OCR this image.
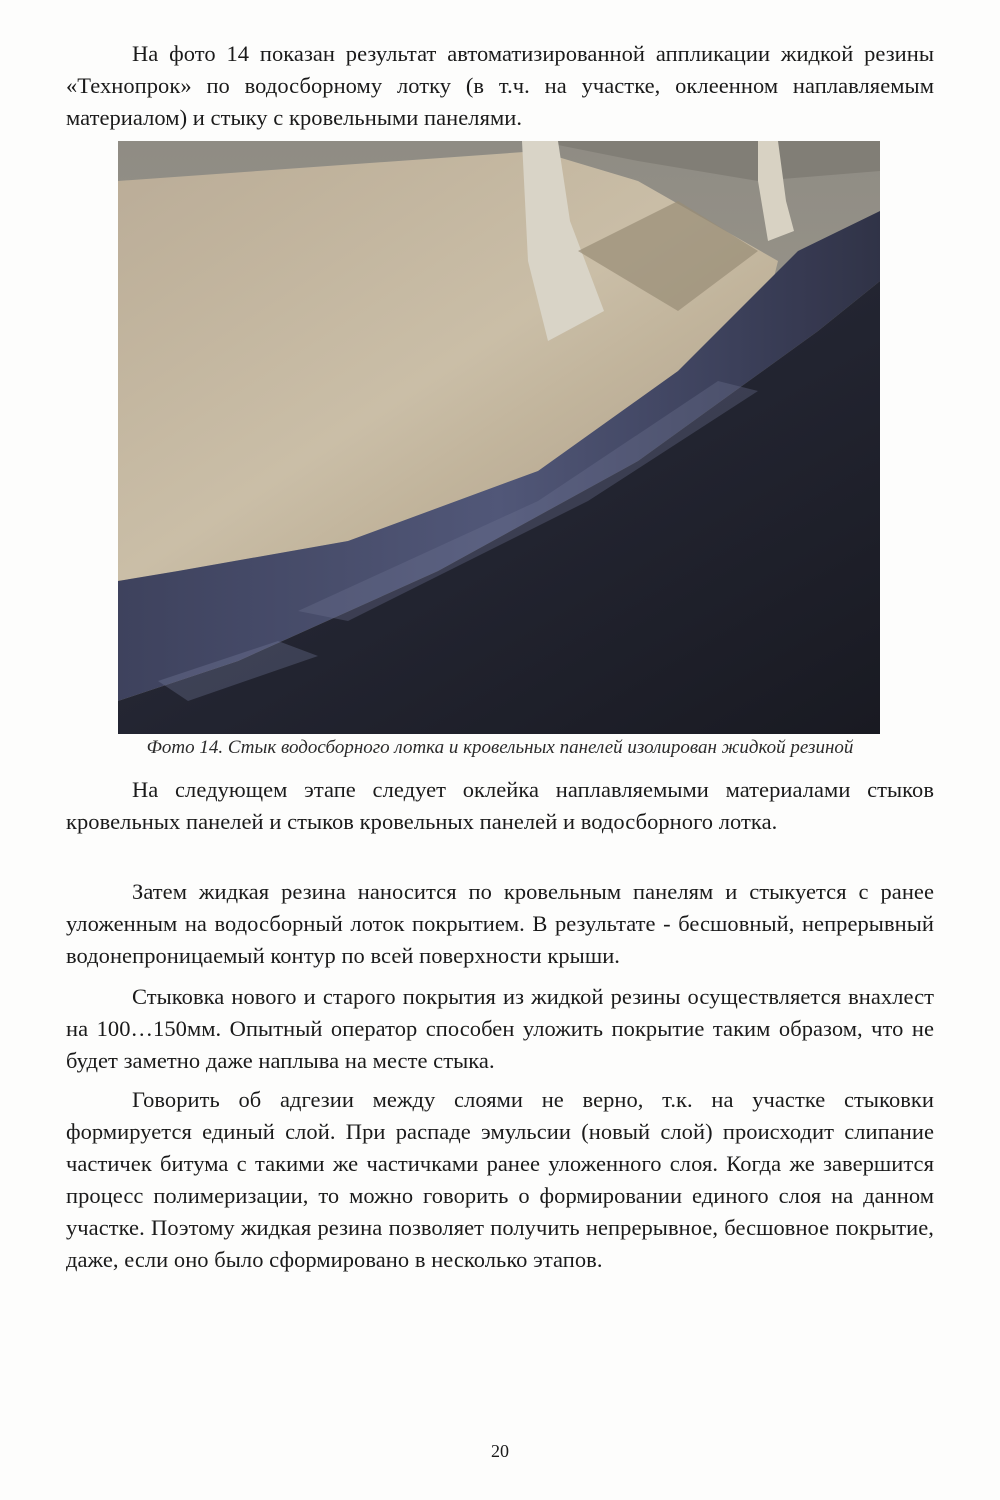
На фото 14 показан результат автоматизированной аппликации жидкой резины «Технопрок» по водосборному лотку (в т.ч. на участке, оклеенном наплавляемым материалом) и стыку с кровельными панелями.

Фото 14. Стык водосборного лотка и кровельных панелей изолирован жидкой резиной

На следующем этапе следует оклейка наплавляемыми материалами стыков кровельных панелей и стыков кровельных панелей и водосборного лотка.

Затем жидкая резина наносится по кровельным панелям и стыкуется с ранее уложенным на водосборный лоток покрытием. В результате - бесшовный, непрерывный водонепроницаемый контур по всей поверхности крыши.

Стыковка нового и старого покрытия из жидкой резины осуществляется внахлест на 100…150мм. Опытный оператор способен уложить покрытие таким образом, что не будет заметно даже наплыва на месте стыка.

Говорить об адгезии между слоями не верно, т.к. на участке стыковки формируется единый слой. При распаде эмульсии (новый слой) происходит слипание частичек битума с такими же частичками ранее уложенного слоя. Когда же завершится процесс полимеризации, то можно говорить о формировании единого слоя на данном участке. Поэтому жидкая резина позволяет получить непрерывное, бесшовное покрытие, даже, если оно было сформировано в несколько этапов.

20
